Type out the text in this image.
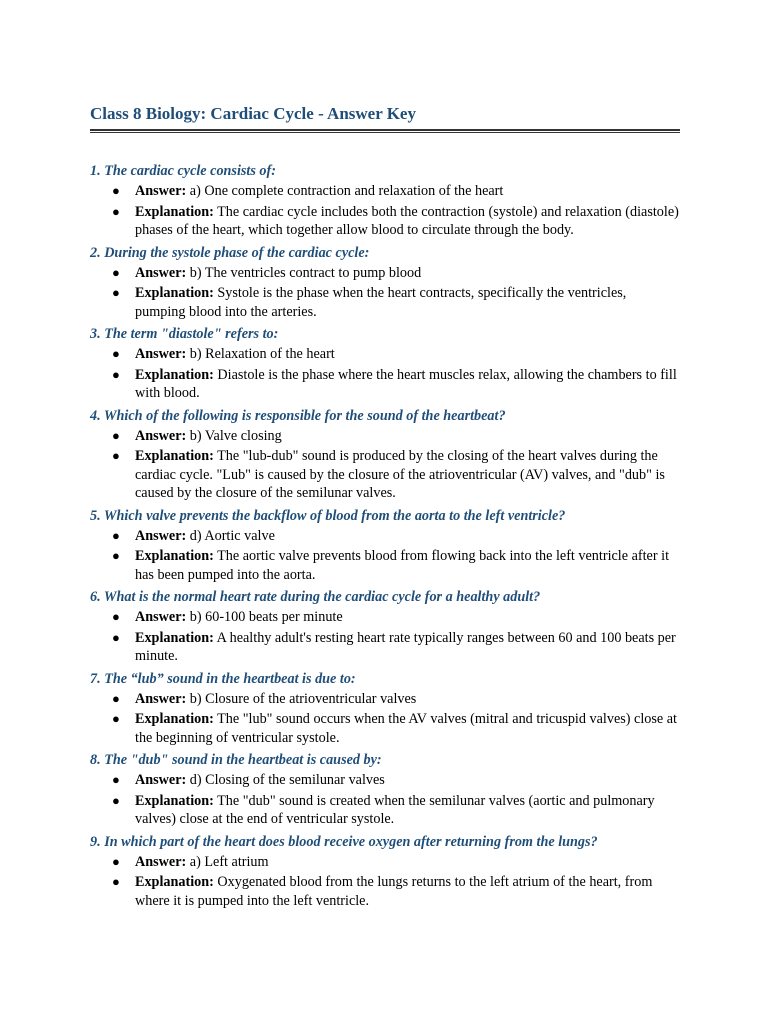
Class 8 Biology: Cardiac Cycle - Answer Key

1. The cardiac cycle consists of:

● Answer: a) One complete contraction and relaxation of the heart
● Explanation: The cardiac cycle includes both the contraction (systole) and relaxation (diastole) phases of the heart, which together allow blood to circulate through the body.

2. During the systole phase of the cardiac cycle:

● Answer: b) The ventricles contract to pump blood
● Explanation: Systole is the phase when the heart contracts, specifically the ventricles, pumping blood into the arteries.

3. The term "diastole" refers to:

● Answer: b) Relaxation of the heart
● Explanation: Diastole is the phase where the heart muscles relax, allowing the chambers to fill with blood.

4. Which of the following is responsible for the sound of the heartbeat?

● Answer: b) Valve closing
● Explanation: The "lub-dub" sound is produced by the closing of the heart valves during the cardiac cycle. "Lub" is caused by the closure of the atrioventricular (AV) valves, and "dub" is caused by the closure of the semilunar valves.

5. Which valve prevents the backflow of blood from the aorta to the left ventricle?

● Answer: d) Aortic valve
● Explanation: The aortic valve prevents blood from flowing back into the left ventricle after it has been pumped into the aorta.

6. What is the normal heart rate during the cardiac cycle for a healthy adult?

● Answer: b) 60-100 beats per minute
● Explanation: A healthy adult's resting heart rate typically ranges between 60 and 100 beats per minute.

7. The “lub” sound in the heartbeat is due to:

● Answer: b) Closure of the atrioventricular valves
● Explanation: The "lub" sound occurs when the AV valves (mitral and tricuspid valves) close at the beginning of ventricular systole.

8. The "dub" sound in the heartbeat is caused by:

● Answer: d) Closing of the semilunar valves
● Explanation: The "dub" sound is created when the semilunar valves (aortic and pulmonary valves) close at the end of ventricular systole.

9. In which part of the heart does blood receive oxygen after returning from the lungs?

● Answer: a) Left atrium
● Explanation: Oxygenated blood from the lungs returns to the left atrium of the heart, from where it is pumped into the left ventricle.
